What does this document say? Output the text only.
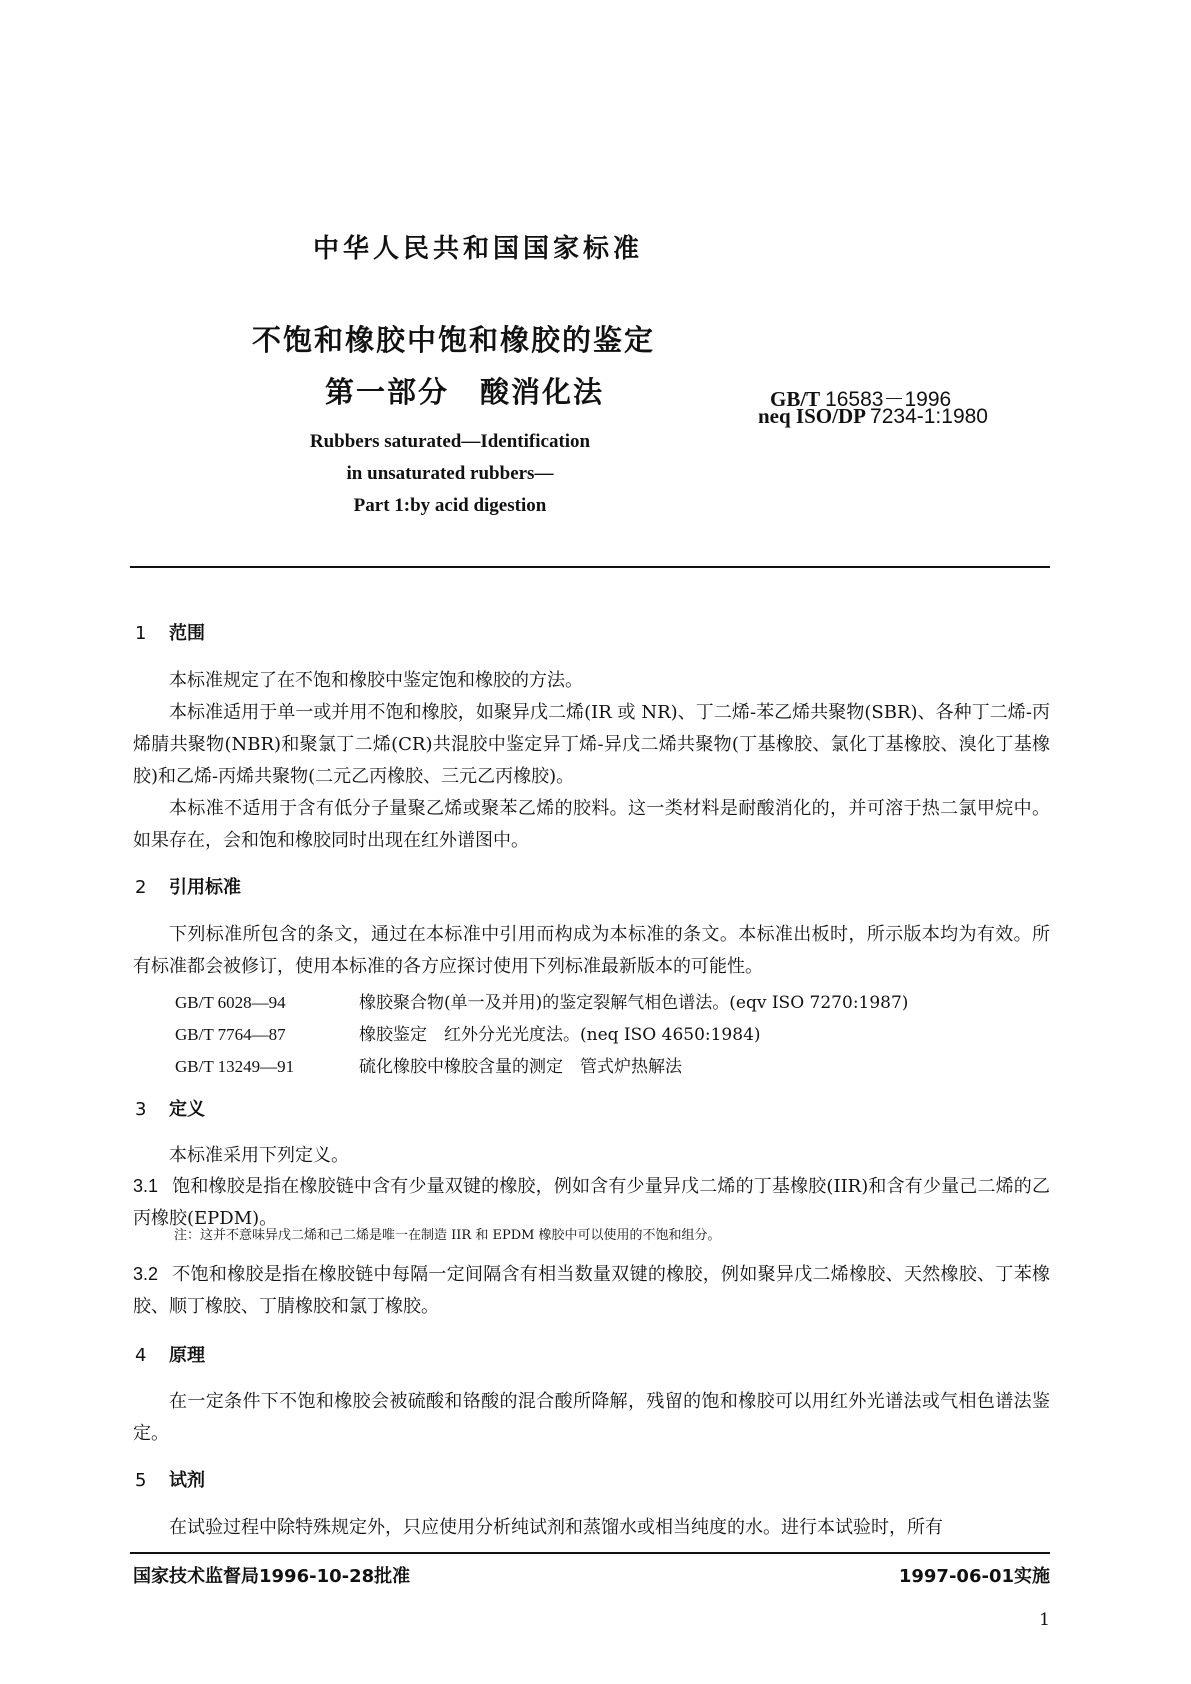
中华人民共和国国家标准
不饱和橡胶中饱和橡胶的鉴定
第一部分　酸消化法	GB/T 16583－1996
neq ISO/DP 7234-1:1980
Rubbers saturated—Identification
in unsaturated rubbers—
Part 1:by acid digestion
1 范围
本标准规定了在不饱和橡胶中鉴定饱和橡胶的方法。
本标准适用于单一或并用不饱和橡胶，如聚异戊二烯(IR 或 NR)、丁二烯-苯乙烯共聚物(SBR)、各种丁二烯-丙烯腈共聚物(NBR)和聚氯丁二烯(CR)共混胶中鉴定异丁烯-异戊二烯共聚物(丁基橡胶、氯化丁基橡胶、溴化丁基橡胶)和乙烯-丙烯共聚物(二元乙丙橡胶、三元乙丙橡胶)。
本标准不适用于含有低分子量聚乙烯或聚苯乙烯的胶料。这一类材料是耐酸消化的，并可溶于热二氯甲烷中。如果存在，会和饱和橡胶同时出现在红外谱图中。
2 引用标准
下列标准所包含的条文，通过在本标准中引用而构成为本标准的条文。本标准出板时，所示版本均为有效。所有标准都会被修订，使用本标准的各方应探讨使用下列标准最新版本的可能性。
GB/T 6028—94	橡胶聚合物(单一及并用)的鉴定裂解气相色谱法。(eqv ISO 7270:1987)
GB/T 7764—87	橡胶鉴定　红外分光光度法。(neq ISO 4650:1984)
GB/T 13249—91	硫化橡胶中橡胶含量的测定　管式炉热解法
3 定义
本标准采用下列定义。
3.1 饱和橡胶是指在橡胶链中含有少量双键的橡胶，例如含有少量异戊二烯的丁基橡胶(IIR)和含有少量己二烯的乙丙橡胶(EPDM)。
注：这并不意味异戊二烯和己二烯是唯一在制造 IIR 和 EPDM 橡胶中可以使用的不饱和组分。
3.2 不饱和橡胶是指在橡胶链中每隔一定间隔含有相当数量双键的橡胶，例如聚异戊二烯橡胶、天然橡胶、丁苯橡胶、顺丁橡胶、丁腈橡胶和氯丁橡胶。
4 原理
在一定条件下不饱和橡胶会被硫酸和铬酸的混合酸所降解，残留的饱和橡胶可以用红外光谱法或气相色谱法鉴定。
5 试剂
在试验过程中除特殊规定外，只应使用分析纯试剂和蒸馏水或相当纯度的水。进行本试验时，所有
国家技术监督局1996-10-28批准	1997-06-01实施
1
